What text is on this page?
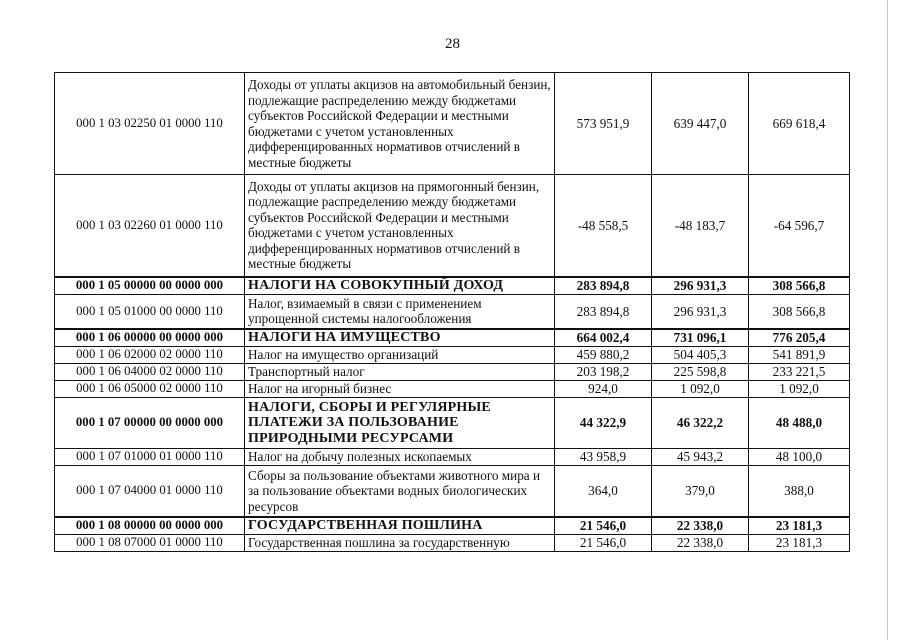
28
000 1 03 02250 01 0000 110	Доходы от уплаты акцизов на автомобильный бензин, подлежащие распределению между бюджетами субъектов Российской Федерации и местными бюджетами с учетом установленных дифференцированных нормативов отчислений в местные бюджеты	573 951,9	639 447,0	669 618,4
000 1 03 02260 01 0000 110	Доходы от уплаты акцизов на прямогонный бензин, подлежащие распределению между бюджетами субъектов Российской Федерации и местными бюджетами с учетом установленных дифференцированных нормативов отчислений в местные бюджеты	-48 558,5	-48 183,7	-64 596,7
000 1 05 00000 00 0000 000	НАЛОГИ НА СОВОКУПНЫЙ ДОХОД	283 894,8	296 931,3	308 566,8
000 1 05 01000 00 0000 110	Налог, взимаемый в связи с применением упрощенной системы налогообложения	283 894,8	296 931,3	308 566,8
000 1 06 00000 00 0000 000	НАЛОГИ НА ИМУЩЕСТВО	664 002,4	731 096,1	776 205,4
000 1 06 02000 02 0000 110	Налог на имущество организаций	459 880,2	504 405,3	541 891,9
000 1 06 04000 02 0000 110	Транспортный налог	203 198,2	225 598,8	233 221,5
000 1 06 05000 02 0000 110	Налог на игорный бизнес	924,0	1 092,0	1 092,0
000 1 07 00000 00 0000 000	НАЛОГИ, СБОРЫ И РЕГУЛЯРНЫЕ ПЛАТЕЖИ ЗА ПОЛЬЗОВАНИЕ ПРИРОДНЫМИ РЕСУРСАМИ	44 322,9	46 322,2	48 488,0
000 1 07 01000 01 0000 110	Налог на добычу полезных ископаемых	43 958,9	45 943,2	48 100,0
000 1 07 04000 01 0000 110	Сборы за пользование объектами животного мира и за пользование объектами водных биологических ресурсов	364,0	379,0	388,0
000 1 08 00000 00 0000 000	ГОСУДАРСТВЕННАЯ ПОШЛИНА	21 546,0	22 338,0	23 181,3
000 1 08 07000 01 0000 110	Государственная пошлина за государственную	21 546,0	22 338,0	23 181,3
